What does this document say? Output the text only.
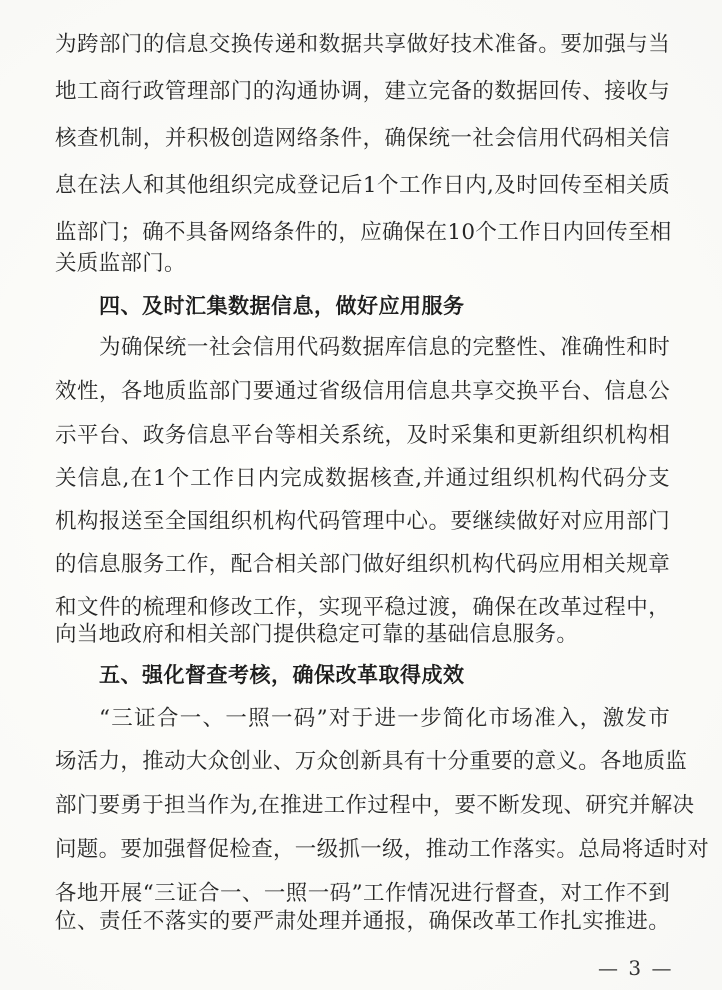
为跨部门的信息交换传递和数据共享做好技术准备。要加强与当
地工商行政管理部门的沟通协调，建立完备的数据回传、接收与
核查机制，并积极创造网络条件，确保统一社会信用代码相关信
息在法人和其他组织完成登记后1个工作日内,及时回传至相关质
监部门；确不具备网络条件的，应确保在10个工作日内回传至相
关质监部门。
四、及时汇集数据信息，做好应用服务
为确保统一社会信用代码数据库信息的完整性、准确性和时
效性，各地质监部门要通过省级信用信息共享交换平台、信息公
示平台、政务信息平台等相关系统，及时采集和更新组织机构相
关信息,在1个工作日内完成数据核查,并通过组织机构代码分支
机构报送至全国组织机构代码管理中心。要继续做好对应用部门
的信息服务工作，配合相关部门做好组织机构代码应用相关规章
和文件的梳理和修改工作，实现平稳过渡，确保在改革过程中，
向当地政府和相关部门提供稳定可靠的基础信息服务。
五、强化督查考核，确保改革取得成效
“三证合一、一照一码”对于进一步简化市场准入，激发市
场活力，推动大众创业、万众创新具有十分重要的意义。各地质监
部门要勇于担当作为,在推进工作过程中，要不断发现、研究并解决
问题。要加强督促检查，一级抓一级，推动工作落实。总局将适时对
各地开展“三证合一、一照一码”工作情况进行督查，对工作不到
位、责任不落实的要严肃处理并通报，确保改革工作扎实推进。
— 3 —
